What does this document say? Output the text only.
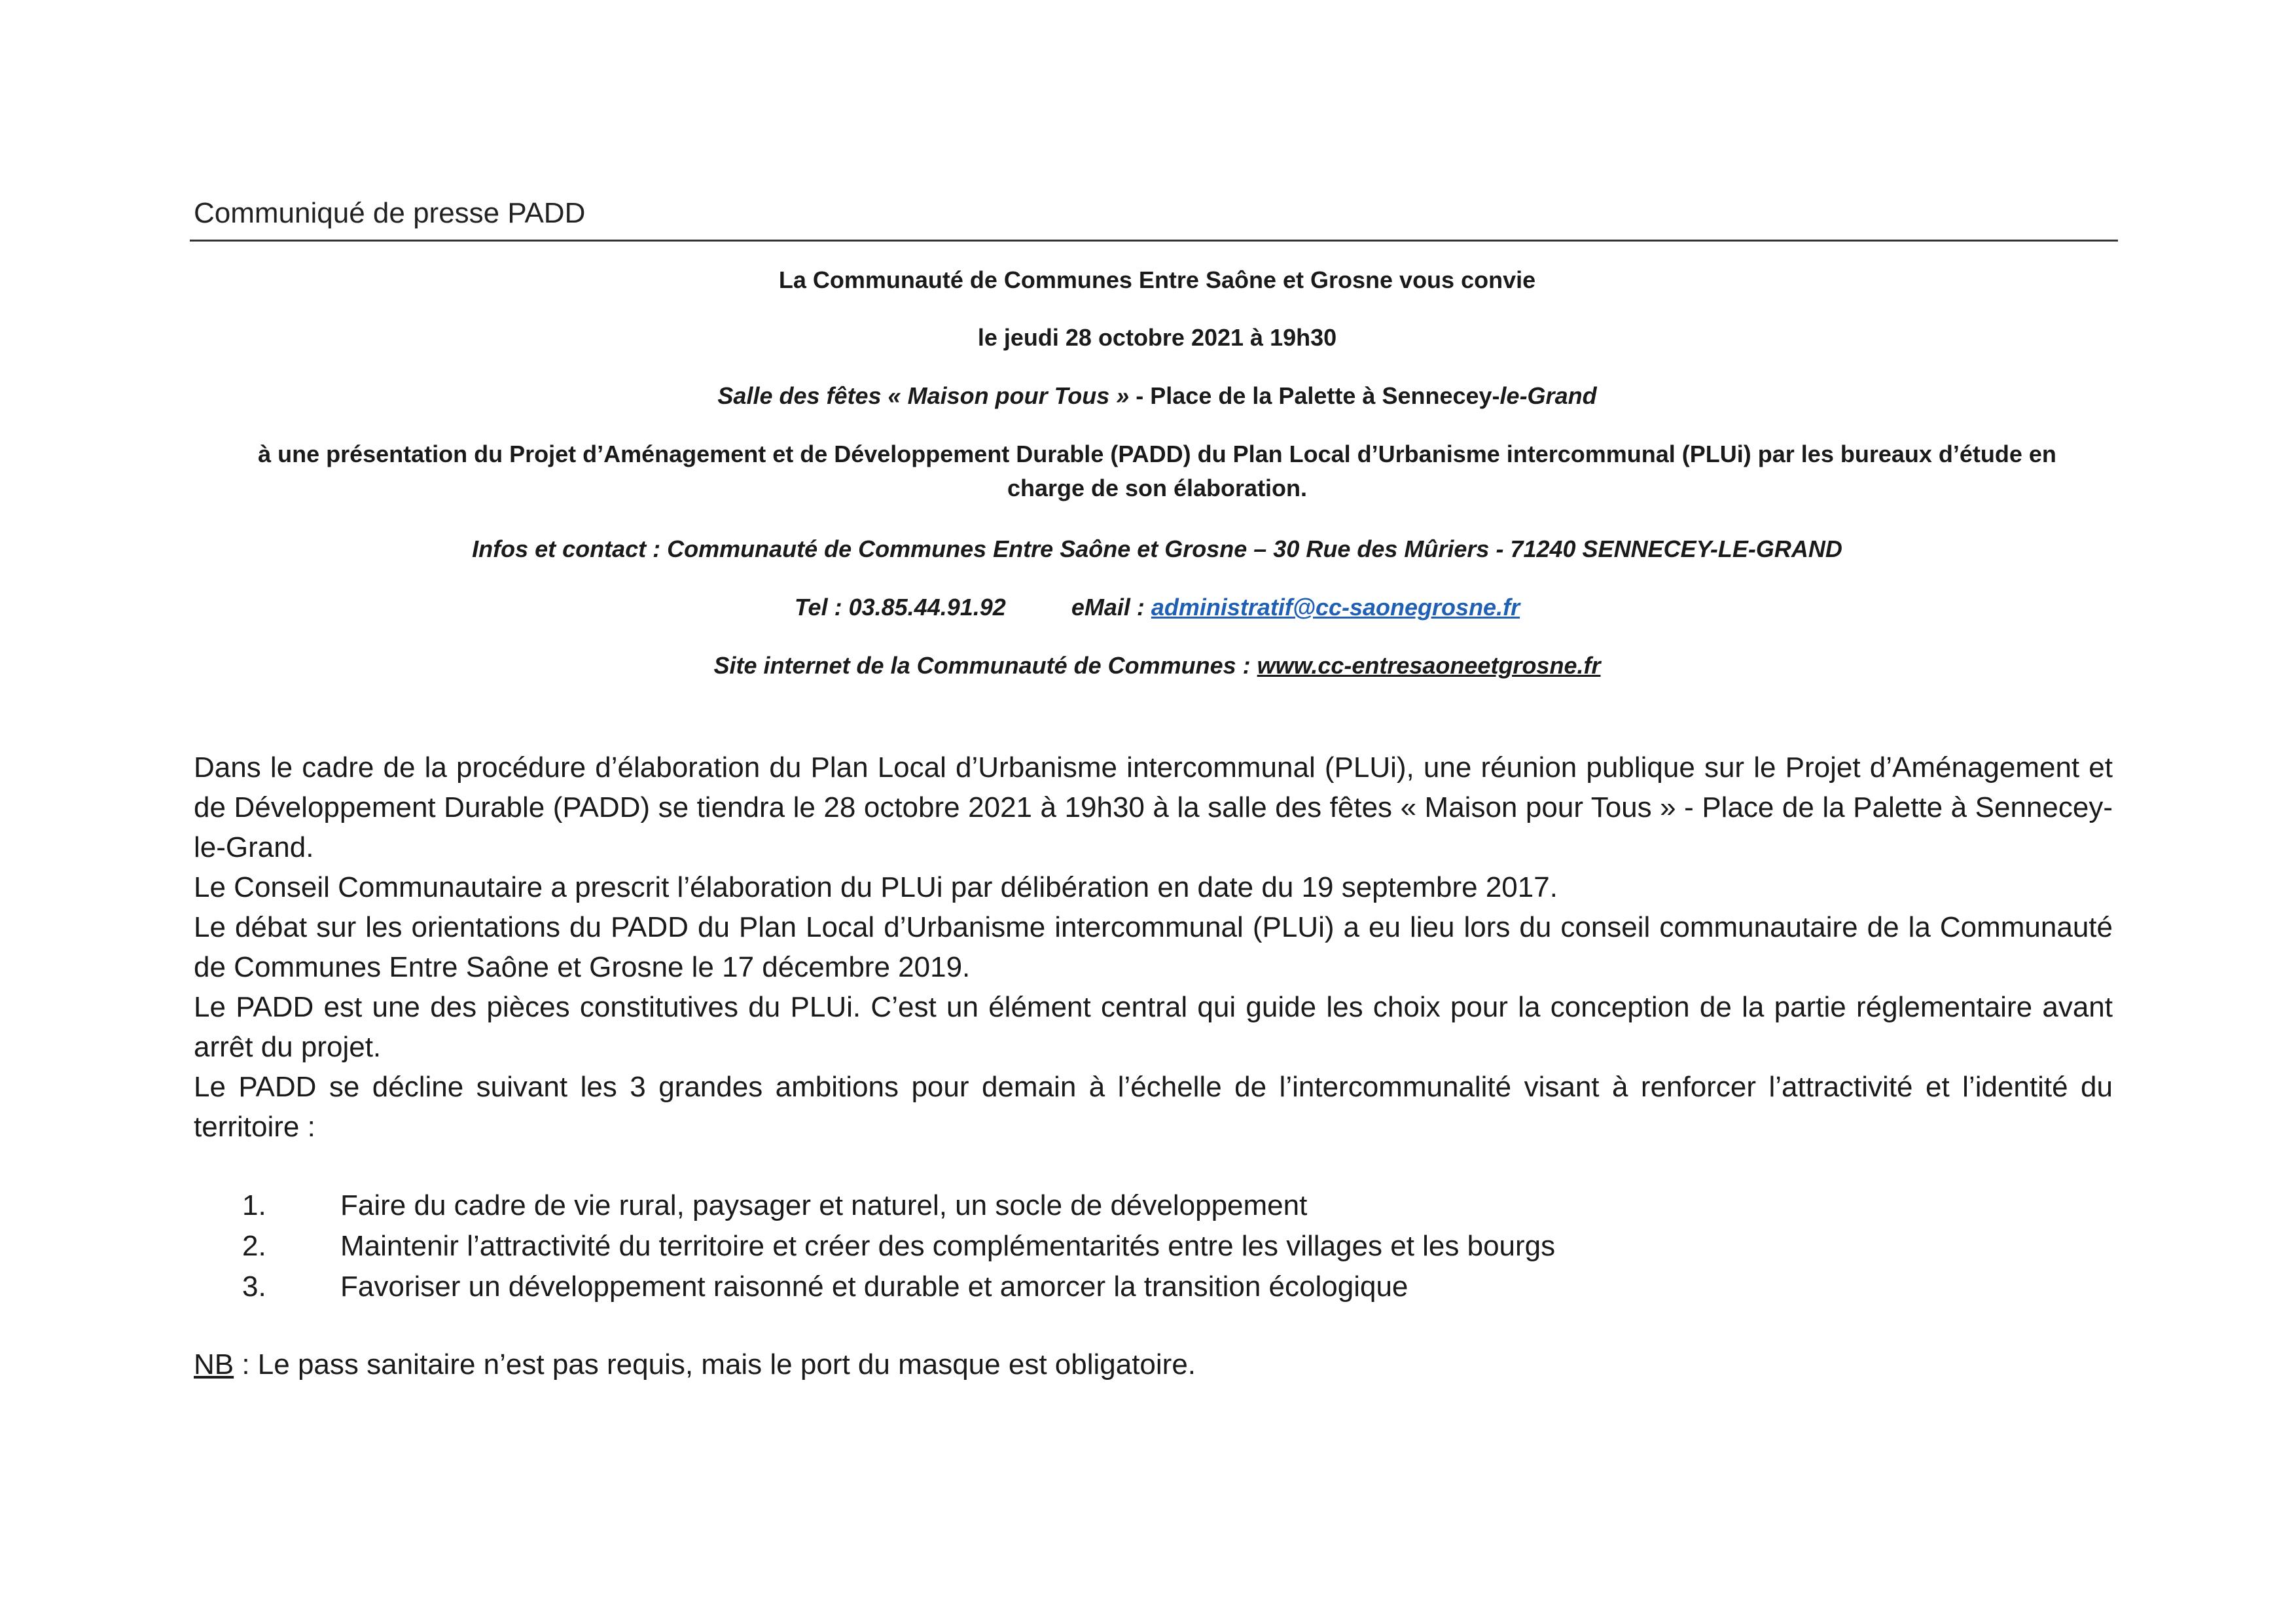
Communiqué de presse PADD

La Communauté de Communes Entre Saône et Grosne vous convie

le jeudi 28 octobre 2021 à 19h30

Salle des fêtes « Maison pour Tous » - Place de la Palette à Sennecey-le-Grand

à une présentation du Projet d’Aménagement et de Développement Durable (PADD) du Plan Local d’Urbanisme intercommunal (PLUi) par les bureaux d’étude en

charge de son élaboration.

Infos et contact : Communauté de Communes Entre Saône et Grosne – 30 Rue des Mûriers - 71240 SENNECEY-LE-GRAND

Tel : 03.85.44.91.92	eMail : administratif@cc-saonegrosne.fr

Site internet de la Communauté de Communes : www.cc-entresaoneetgrosne.fr

Dans le cadre de la procédure d’élaboration du Plan Local d’Urbanisme intercommunal (PLUi), une réunion publique sur le Projet d’Aménagement et de Développement Durable (PADD) se tiendra le 28 octobre 2021 à 19h30 à la salle des fêtes « Maison pour Tous » - Place de la Palette à Sennecey-le-Grand.

Le Conseil Communautaire a prescrit l’élaboration du PLUi par délibération en date du 19 septembre 2017.

Le débat sur les orientations du PADD du Plan Local d’Urbanisme intercommunal (PLUi) a eu lieu lors du conseil communautaire de la Communauté de Communes Entre Saône et Grosne le 17 décembre 2019.

Le PADD est une des pièces constitutives du PLUi. C’est un élément central qui guide les choix pour la conception de la partie réglementaire avant arrêt du projet.

Le PADD se décline suivant les 3 grandes ambitions pour demain à l’échelle de l’intercommunalité visant à renforcer l’attractivité et l’identité du territoire :

1.	Faire du cadre de vie rural, paysager et naturel, un socle de développement
2.	Maintenir l’attractivité du territoire et créer des complémentarités entre les villages et les bourgs
3.	Favoriser un développement raisonné et durable et amorcer la transition écologique
NB : Le pass sanitaire n’est pas requis, mais le port du masque est obligatoire.
